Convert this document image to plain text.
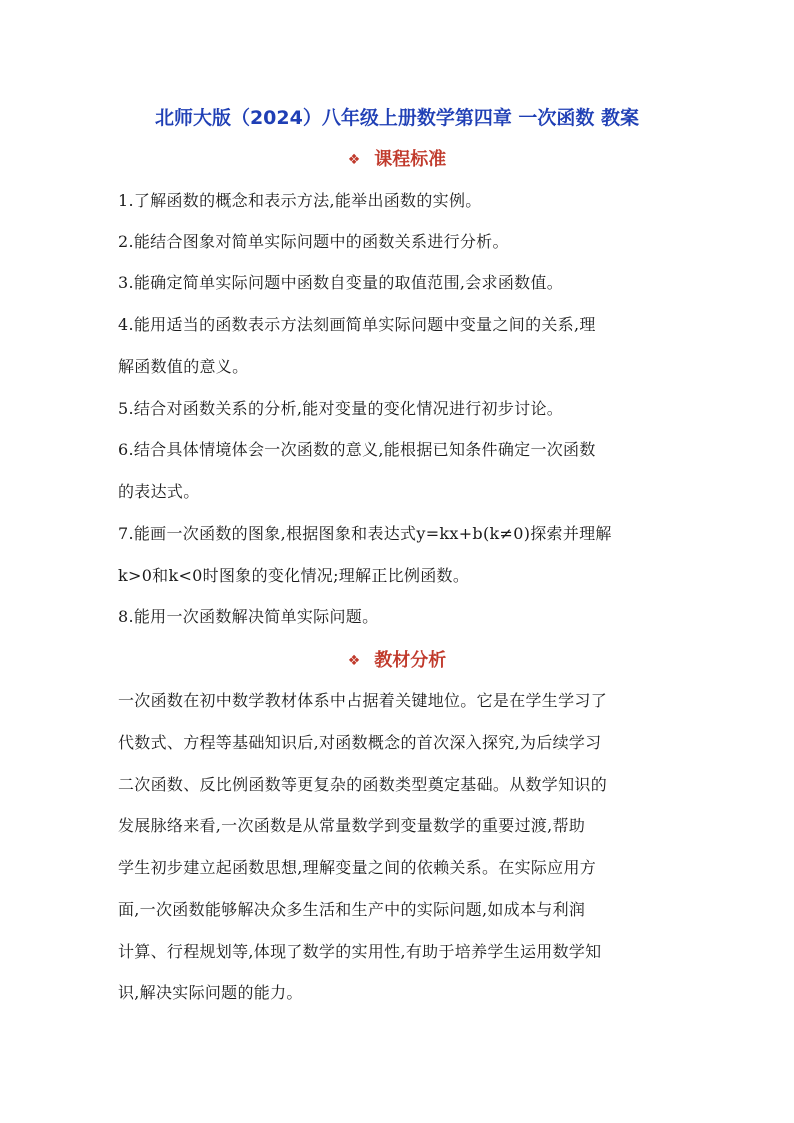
北师大版（2024）八年级上册数学第四章 一次函数 教案
❖ 课程标准
1.了解函数的概念和表示方法,能举出函数的实例。
2.能结合图象对简单实际问题中的函数关系进行分析。
3.能确定简单实际问题中函数自变量的取值范围,会求函数值。
4.能用适当的函数表示方法刻画简单实际问题中变量之间的关系,理
解函数值的意义。
5.结合对函数关系的分析,能对变量的变化情况进行初步讨论。
6.结合具体情境体会一次函数的意义,能根据已知条件确定一次函数
的表达式。
7.能画一次函数的图象,根据图象和表达式y=kx+b(k≠0)探索并理解
k>0和k<0时图象的变化情况;理解正比例函数。
8.能用一次函数解决简单实际问题。
❖ 教材分析
一次函数在初中数学教材体系中占据着关键地位。它是在学生学习了
代数式、方程等基础知识后,对函数概念的首次深入探究,为后续学习
二次函数、反比例函数等更复杂的函数类型奠定基础。从数学知识的
发展脉络来看,一次函数是从常量数学到变量数学的重要过渡,帮助
学生初步建立起函数思想,理解变量之间的依赖关系。在实际应用方
面,一次函数能够解决众多生活和生产中的实际问题,如成本与利润
计算、行程规划等,体现了数学的实用性,有助于培养学生运用数学知
识,解决实际问题的能力。
